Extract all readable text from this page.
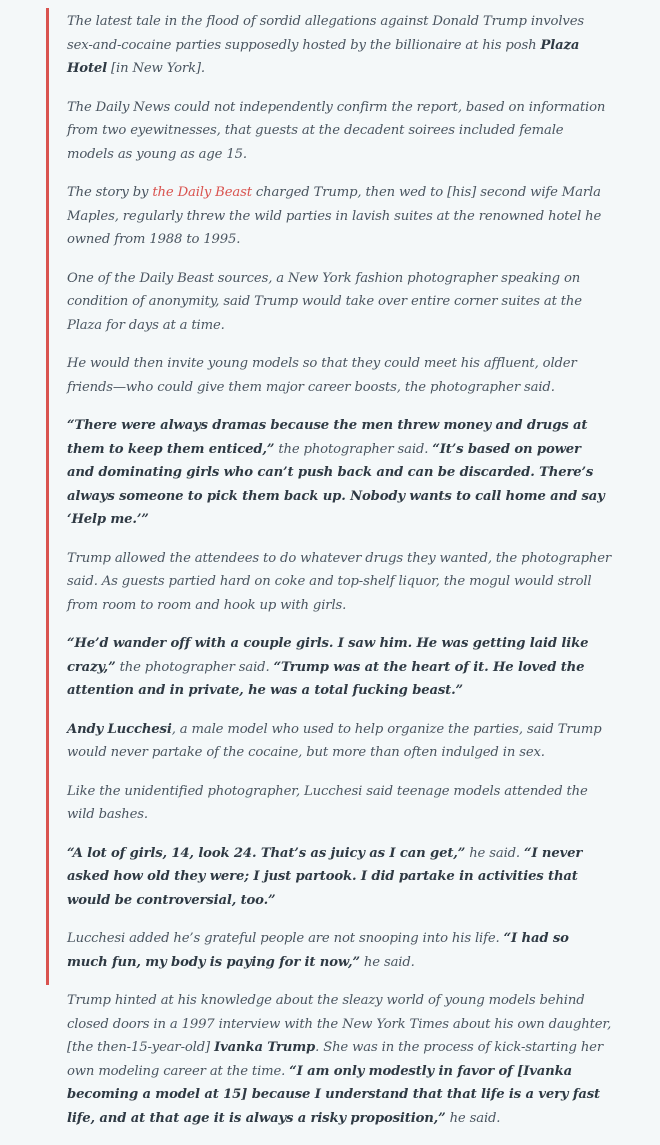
The latest tale in the flood of sordid allegations against Donald Trump involves sex-and-cocaine parties supposedly hosted by the billionaire at his posh Plaza Hotel [in New York].

The Daily News could not independently confirm the report, based on information from two eyewitnesses, that guests at the decadent soirees included female models as young as age 15.

The story by the Daily Beast charged Trump, then wed to [his] second wife Marla Maples, regularly threw the wild parties in lavish suites at the renowned hotel he owned from 1988 to 1995.

One of the Daily Beast sources, a New York fashion photographer speaking on condition of anonymity, said Trump would take over entire corner suites at the Plaza for days at a time.

He would then invite young models so that they could meet his affluent, older friends—who could give them major career boosts, the photographer said.

“There were always dramas because the men threw money and drugs at them to keep them enticed,” the photographer said. “It’s based on power and dominating girls who can’t push back and can be discarded. There’s always someone to pick them back up. Nobody wants to call home and say ‘Help me.’”

Trump allowed the attendees to do whatever drugs they wanted, the photographer said. As guests partied hard on coke and top-shelf liquor, the mogul would stroll from room to room and hook up with girls.

“He’d wander off with a couple girls. I saw him. He was getting laid like crazy,” the photographer said. “Trump was at the heart of it. He loved the attention and in private, he was a total fucking beast.”

Andy Lucchesi, a male model who used to help organize the parties, said Trump would never partake of the cocaine, but more than often indulged in sex.

Like the unidentified photographer, Lucchesi said teenage models attended the wild bashes.

“A lot of girls, 14, look 24. That’s as juicy as I can get,” he said. “I never asked how old they were; I just partook. I did partake in activities that would be controversial, too.”

Lucchesi added he’s grateful people are not snooping into his life. “I had so much fun, my body is paying for it now,” he said.

Trump hinted at his knowledge about the sleazy world of young models behind closed doors in a 1997 interview with the New York Times about his own daughter, [the then-15-year-old] Ivanka Trump. She was in the process of kick-starting her own modeling career at the time. “I am only modestly in favor of [Ivanka becoming a model at 15] because I understand that that life is a very fast life, and at that age it is always a risky proposition,” he said.
